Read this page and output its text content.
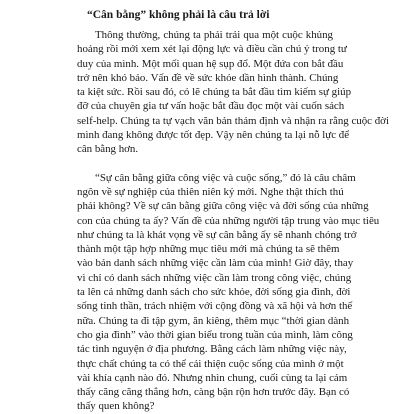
“Cân bằng” không phải là câu trả lời
Thông thường, chúng ta phải trải qua một cuộc khủng
hoảng rồi mới xem xét lại động lực và điều cần chú ý trong tư
duy của mình. Một mối quan hệ sụp đổ. Một đứa con bắt đầu
trở nên khó bảo. Vấn đề về sức khỏe dần hình thành. Chúng
ta kiệt sức. Rồi sau đó, có lẽ chúng ta bắt đầu tìm kiếm sự giúp
đỡ của chuyên gia tư vấn hoặc bắt đầu đọc một vài cuốn sách
self-help. Chúng ta tự vạch văn bản thảm định và nhận ra rằng cuộc đời
mình đang không được tốt đẹp. Vậy nên chúng ta lại nỗ lực để
cân bằng hơn.
“Sự cân bằng giữa công việc và cuộc sống,” đó là câu châm
ngôn về sự nghiệp của thiên niên kỷ mới. Nghe thật thích thú
phải không? Về sự cân bằng giữa công việc và đời sống của những
con của chúng ta ấy? Vấn đề của những người tập trung vào mục tiêu
như chúng ta là khát vọng về sự cân bằng ấy sẽ nhanh chóng trở
thành một tập hợp những mục tiêu mới mà chúng ta sẽ thêm
vào bản danh sách những việc cần làm của mình! Giờ đây, thay
vì chỉ có danh sách những việc cần làm trong công việc, chúng
ta lên cả những danh sách cho sức khỏe, đời sống gia đình, đời
sống tinh thần, trách nhiệm với cộng đồng và xã hội và hơn thế
nữa. Chúng ta đi tập gym, ăn kiêng, thêm mục “thời gian dành
cho gia đình” vào thời gian biểu trong tuần của mình, làm công
tác tình nguyện ở địa phương. Bằng cách làm những việc này,
thực chất chúng ta có thể cải thiện cuộc sống của mình ở một
vài khía cạnh nào đó. Nhưng nhìn chung, cuối cùng ta lại cảm
thấy căng căng thẳng hơn, càng bận rộn hơn trước đây. Bạn có
thấy quen không?
